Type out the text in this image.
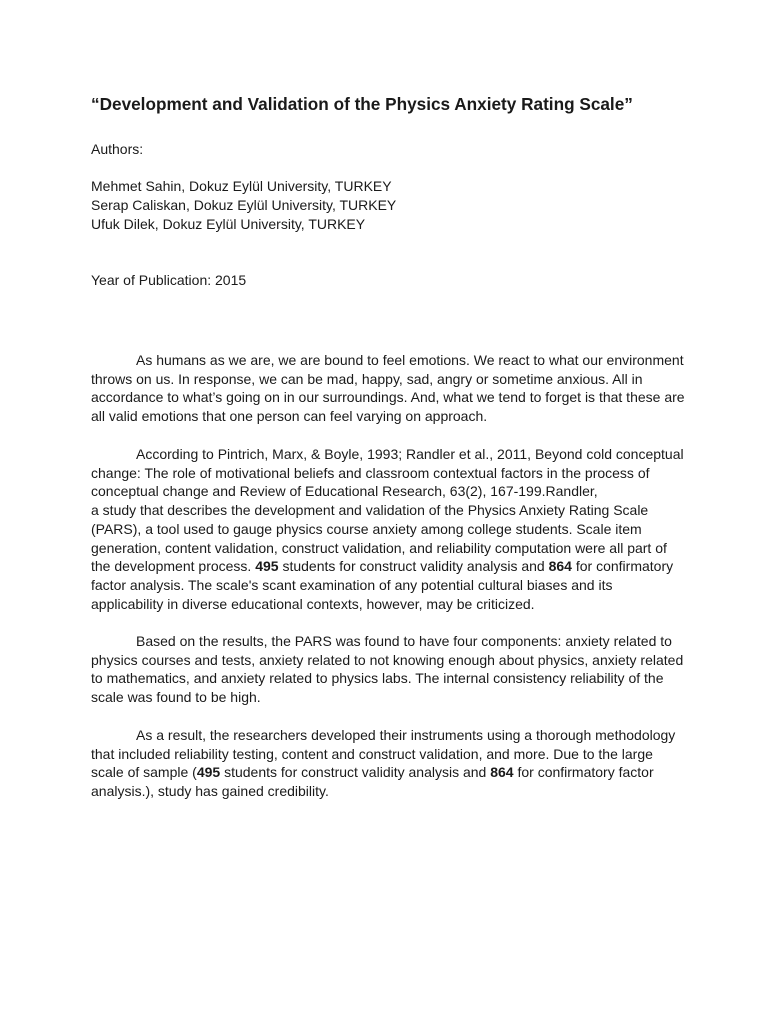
“Development and Validation of the Physics Anxiety Rating Scale”

Authors:

Mehmet Sahin, Dokuz Eylül University, TURKEY
Serap Caliskan, Dokuz Eylül University, TURKEY
Ufuk Dilek, Dokuz Eylül University, TURKEY

Year of Publication: 2015

As humans as we are, we are bound to feel emotions. We react to what our environment
throws on us. In response, we can be mad, happy, sad, angry or sometime anxious. All in
accordance to what’s going on in our surroundings. And, what we tend to forget is that these are
all valid emotions that one person can feel varying on approach.

According to Pintrich, Marx, & Boyle, 1993; Randler et al., 2011, Beyond cold conceptual
change: The role of motivational beliefs and classroom contextual factors in the process of
conceptual change and Review of Educational Research, 63(2), 167-199.Randler,
a study that describes the development and validation of the Physics Anxiety Rating Scale
(PARS), a tool used to gauge physics course anxiety among college students. Scale item
generation, content validation, construct validation, and reliability computation were all part of
the development process. 495 students for construct validity analysis and 864 for confirmatory
factor analysis. The scale's scant examination of any potential cultural biases and its
applicability in diverse educational contexts, however, may be criticized.

Based on the results, the PARS was found to have four components: anxiety related to
physics courses and tests, anxiety related to not knowing enough about physics, anxiety related
to mathematics, and anxiety related to physics labs. The internal consistency reliability of the
scale was found to be high.

As a result, the researchers developed their instruments using a thorough methodology
that included reliability testing, content and construct validation, and more. Due to the large
scale of sample (495 students for construct validity analysis and 864 for confirmatory factor
analysis.), study has gained credibility.
